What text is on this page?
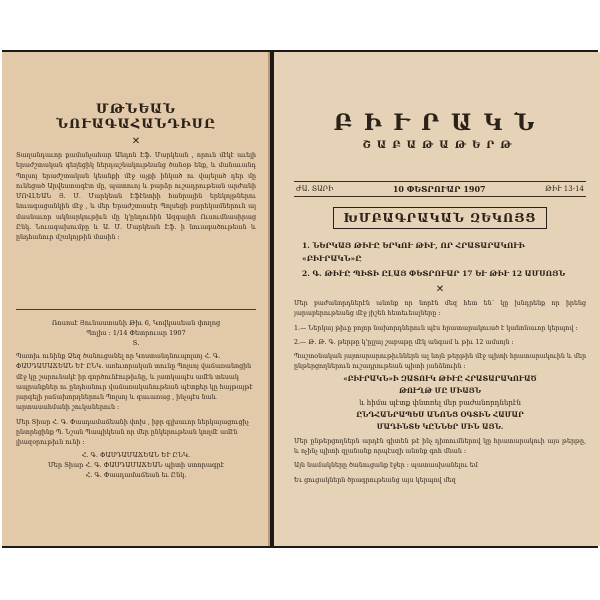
ՄԹՆԵԱՆ ՆՈՒԱԳԱՀԱՆԴԻՍԸ
✕
Տաղանդաւոր քամանչահար Անդոն Էֆ. Մարկեան , որուն մէկէ աւելի երաժշտական գեղեցիկ ներդաշնակութեանց ծանօթ ենք, և մանաւանդ Պոլսոյ երաժշտական կեանքի մէջ աչքի ինկած ու վայելած դեր մը ունեցած Արվեստագէտ մը, պատուոյ և բարձր ուշադրութեան արժանի ՄՈՎԼԵԱՆ Յ. Մ. Մարկեան Էֆէնտիի հանրային երեկոյթներու նուագացանկին մէջ , և մեր Երաժշտասէր Պոլսեցի բարեկամներուն ալ մասնաւոր ակնարկութիւն մը կ՚ընդունին Ազգային Ուսումնասիրաց Ընկ. Նուագախումբը և Ա. Մ. Մարկեան Էֆ. ի նուագածութեան և ընդհանուր մշակոյթին մասին :
Ռոսոսէ Յունաստանի Թիւ 6, Կովկասեան փողոց
Պոլիս : 1/14 Փետրուար 1907
Տ.
Պատիւ ունինք Ձեզ ծանուցանել որ Կոստանդնուպոլսոյ Հ. Գ. ՓԱՍԴԱՄԱՃԵԱՆ ԵՒ ԸՆԿ. առեւտրական տունը Պոլսոյ վաճառանոցին մէջ կը շարունակէ իր գործունէութիւնը, և յատկապէս ամէն տեսակ ապրանքներ ու ընդհանուր վաճառականութեան պէտքեր կը հայթայթէ յարգելի յաճախորդներուն Պոլսոյ և գաւառաց , ինչպէս նաև արտասահմանի շուկաներուն :
Մեր Տիար Հ. Գ. Փասդամաճեանի փոխ , իբր գլխաւոր ներկայացուցիչ ընտրեցինք Պ. Նշան Պապիկեան որ մեր ընկերութեան կողմէ ամէն լիազօրութիւն ունի :
Հ. Գ. ՓԱՍԴԱՄԱՃԵԱՆ ԵՒ ԸՆԿ.
Մեր Տիար Հ. Գ. ՓԱՍԴԱՄԱՃԵԱՆ պիտի ստորագրէ
Հ. Գ. Փասդամաճեան եւ Ընկ.
ԲԻՒՐԱԿՆ
ՇԱԲԱԹԱԹԵՐԹ
ԺԱ. ՏԱՐԻ	10 ՓԵՏՐՈՒԱՐ 1907	ԹԻՒ 13-14
ԽՄԲԱԳՐԱԿԱՆ ԶԵԿՈՅՑ
1. ՆԵՐԿԱՅ ԹԻՒԸ ԵՐԿՈՒ ԹԻՒ, ՈՐ ՀՐԱՏԱՐԱԿՈՒԻ «ԲԻՒՐԱԿՆ»Ը
2. Գ. ԹԻՒԸ ՊԻՏԻ ԸԼԱՅ ՓԵՏՐՈՒԱՐ 17 ԵՒ ԹԻՒ 12 ԱՄՍՈՅՆ
✕
Մեր բաժանորդներէն անոնք որ նորէն մեզ հետ են՝ կը խնդրենք որ իրենց յարաբերութեանց մէջ յիշեն հետեւեալները :
1.— Ներկայ թիւը բոլոր նախորդներուն պէս հրատարակուած է կանոնաւոր կերպով :
2.— Թ. Թ. Գ. թերթը կ՚ըլլայ շաբաթը մէկ անգամ և թիւ 12 ամսոյն :
Պաշտօնական յայտարարութիւններն ալ նոյն թերթին մէջ պիտի հրատարակուին և մեր ընթերցողներուն ուշադրութեան պիտի յանձնուին :
«ԲԻՒՐԱԿՆ»Ի ԶԱՏՈՒԿ ԹԻՒԸ ՀՐԱՏԱՐԱԿՈՒԱԾ
ԹՈՒՂԹ ՄԸ ՄԻԱՅՆ
և հիմա պէտք փնտռել մեր բաժանորդներէն
ԸՆԴՀԱՆՐԱՊԵՍ ԱՆՈՆՑ ՕԳՏԻՆ ՀԱՄԱՐ
ՄԱԴԻՆՏԵ ԿԸՆՆԵՐ ՄԻՆ ԱՅՆ.
Մեր ընթերցողներն արդէն գիտեն թէ ինչ դիտումներով կը հրատարակուի այս թերթը, և ոչինչ պիտի զլանանք որպէսզի անոնք գոհ մնան :
Այն նամակները ծանուցանք էջեր : պատասխանելու եմ
Եւ ցուցակներն ծրագրութեանց այս կերպով մեզ
